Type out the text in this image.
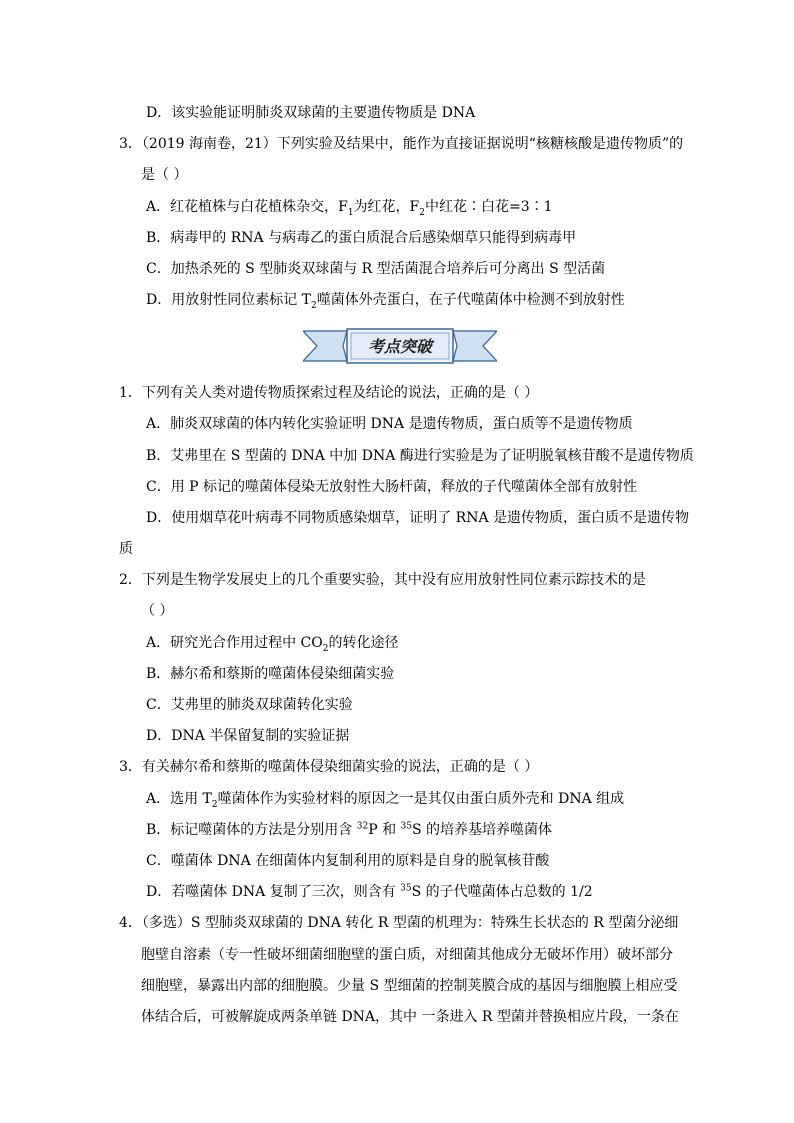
D．该实验能证明肺炎双球菌的主要遗传物质是 DNA
3．（2019 海南卷，21）下列实验及结果中，能作为直接证据说明“核糖核酸是遗传物质”的
是（ ）
A．红花植株与白花植株杂交，$F_1$为红花，$F_2$中红花∶白花=3∶1
B．病毒甲的 RNA 与病毒乙的蛋白质混合后感染烟草只能得到病毒甲
C．加热杀死的 S 型肺炎双球菌与 R 型活菌混合培养后可分离出 S 型活菌
D．用放射性同位素标记 $T_2$噬菌体外壳蛋白，在子代噬菌体中检测不到放射性
考点突破
1．下列有关人类对遗传物质探索过程及结论的说法，正确的是（ ）
A．肺炎双球菌的体内转化实验证明 DNA 是遗传物质，蛋白质等不是遗传物质
B．艾弗里在 S 型菌的 DNA 中加 DNA 酶进行实验是为了证明脱氧核苷酸不是遗传物质
C．用 P 标记的噬菌体侵染无放射性大肠杆菌，释放的子代噬菌体全部有放射性
D．使用烟草花叶病毒不同物质感染烟草，证明了 RNA 是遗传物质，蛋白质不是遗传物
质
2．下列是生物学发展史上的几个重要实验，其中没有应用放射性同位素示踪技术的是
（ ）
A．研究光合作用过程中 $CO_2$的转化途径
B．赫尔希和蔡斯的噬菌体侵染细菌实验
C．艾弗里的肺炎双球菌转化实验
D．DNA 半保留复制的实验证据
3．有关赫尔希和蔡斯的噬菌体侵染细菌实验的说法，正确的是（ ）
A．选用 $T_2$噬菌体作为实验材料的原因之一是其仅由蛋白质外壳和 DNA 组成
B．标记噬菌体的方法是分别用含 $^{32}$P 和 $^{35}$S 的培养基培养噬菌体
C．噬菌体 DNA 在细菌体内复制利用的原料是自身的脱氧核苷酸
D．若噬菌体 DNA 复制了三次，则含有 $^{35}$S 的子代噬菌体占总数的 1/2
4．（多选）S 型肺炎双球菌的 DNA 转化 R 型菌的机理为：特殊生长状态的 R 型菌分泌细
胞壁自溶素（专一性破坏细菌细胞壁的蛋白质，对细菌其他成分无破坏作用）破坏部分
细胞壁，暴露出内部的细胞膜。少量 S 型细菌的控制荚膜合成的基因与细胞膜上相应受
体结合后，可被解旋成两条单链 DNA，其中 一条进入 R 型菌并替换相应片段，一条在
